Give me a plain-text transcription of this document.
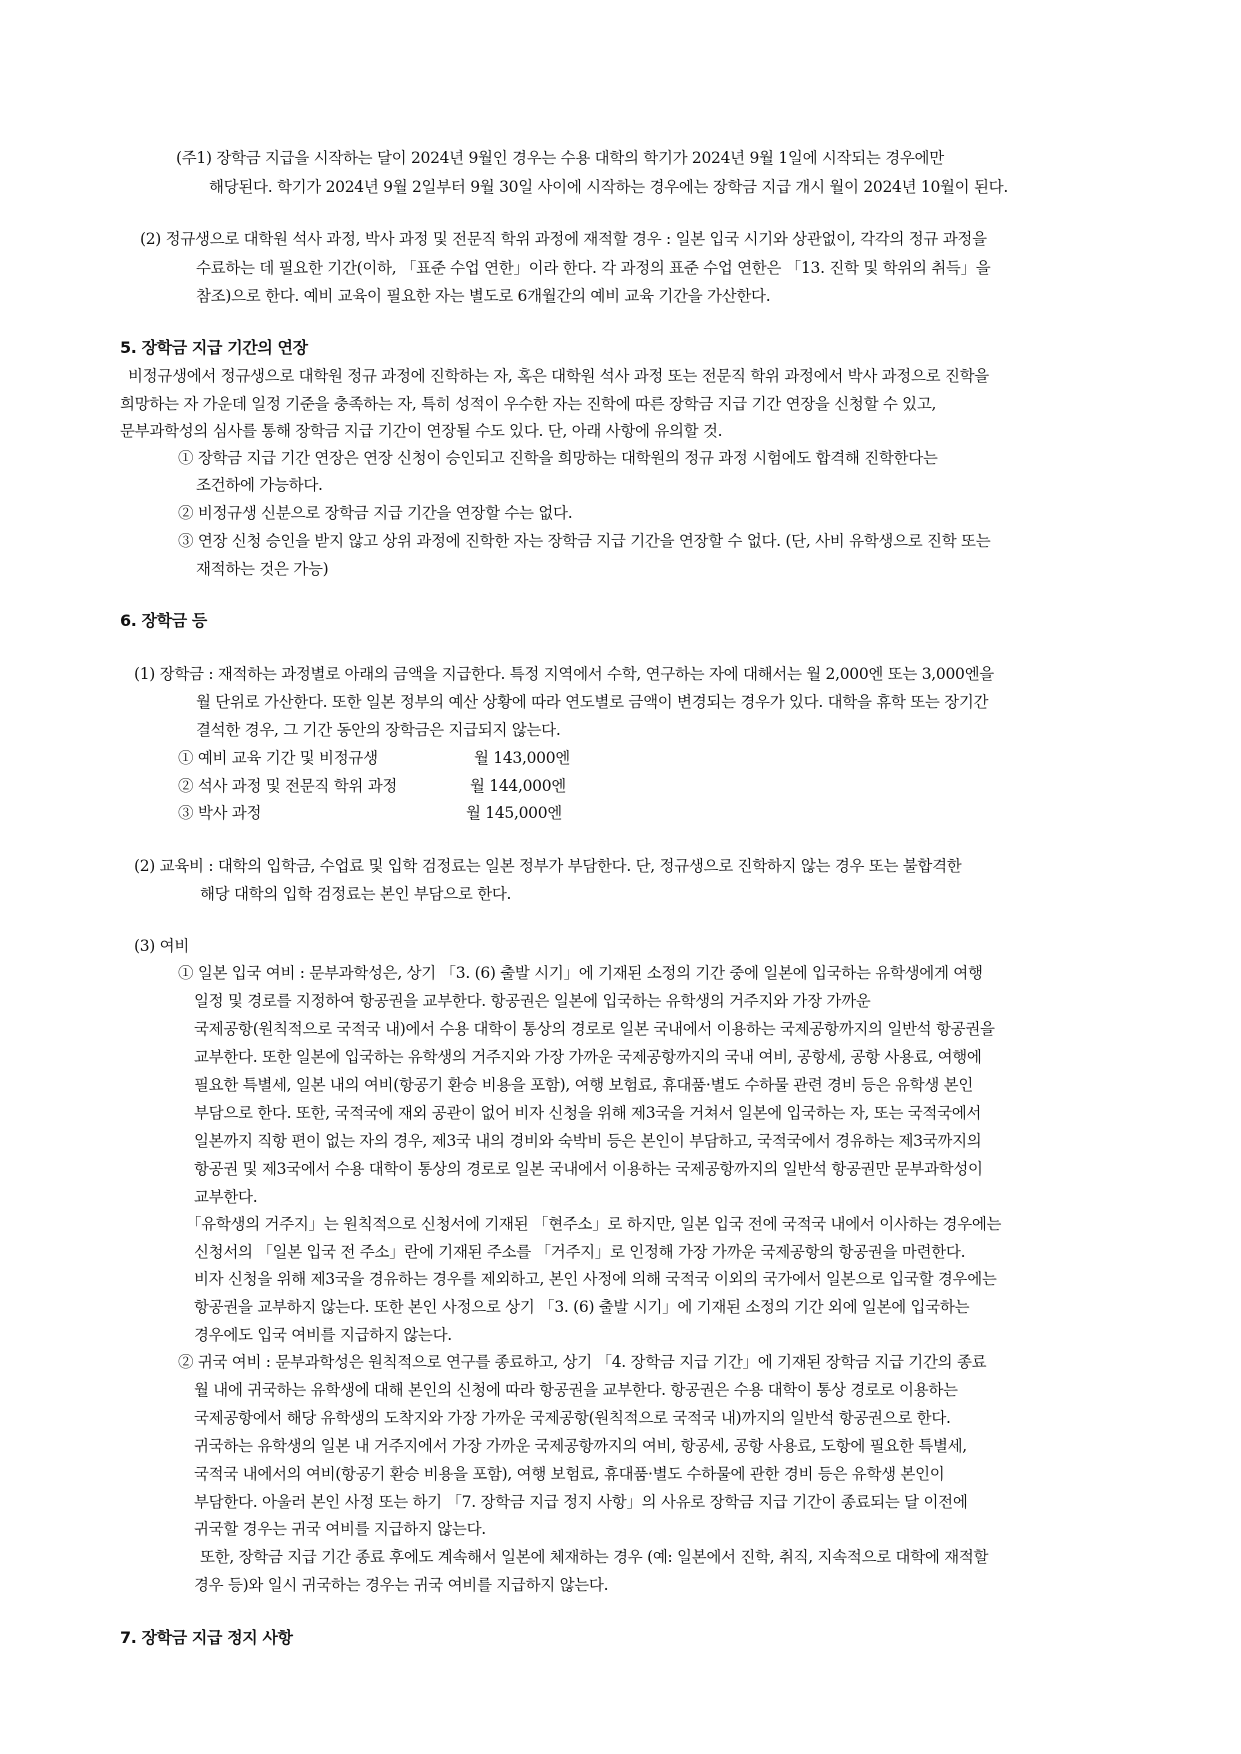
(주1) 장학금 지급을 시작하는 달이 2024년 9월인 경우는 수용 대학의 학기가 2024년 9월 1일에 시작되는 경우에만
해당된다. 학기가 2024년 9월 2일부터 9월 30일 사이에 시작하는 경우에는 장학금 지급 개시 월이 2024년 10월이 된다.
(2) 정규생으로 대학원 석사 과정, 박사 과정 및 전문직 학위 과정에 재적할 경우 : 일본 입국 시기와 상관없이, 각각의 정규 과정을
수료하는 데 필요한 기간(이하, 「표준 수업 연한」이라 한다. 각 과정의 표준 수업 연한은 「13. 진학 및 학위의 취득」을
참조)으로 한다. 예비 교육이 필요한 자는 별도로 6개월간의 예비 교육 기간을 가산한다.
5. 장학금 지급 기간의 연장
비정규생에서 정규생으로 대학원 정규 과정에 진학하는 자, 혹은 대학원 석사 과정 또는 전문직 학위 과정에서 박사 과정으로 진학을
희망하는 자 가운데 일정 기준을 충족하는 자, 특히 성적이 우수한 자는 진학에 따른 장학금 지급 기간 연장을 신청할 수 있고,
문부과학성의 심사를 통해 장학금 지급 기간이 연장될 수도 있다. 단, 아래 사항에 유의할 것.
① 장학금 지급 기간 연장은 연장 신청이 승인되고 진학을 희망하는 대학원의 정규 과정 시험에도 합격해 진학한다는
조건하에 가능하다.
② 비정규생 신분으로 장학금 지급 기간을 연장할 수는 없다.
③ 연장 신청 승인을 받지 않고 상위 과정에 진학한 자는 장학금 지급 기간을 연장할 수 없다. (단, 사비 유학생으로 진학 또는
재적하는 것은 가능)
6. 장학금 등
(1) 장학금 : 재적하는 과정별로 아래의 금액을 지급한다. 특정 지역에서 수학, 연구하는 자에 대해서는 월 2,000엔 또는 3,000엔을
월 단위로 가산한다. 또한 일본 정부의 예산 상황에 따라 연도별로 금액이 변경되는 경우가 있다. 대학을 휴학 또는 장기간
결석한 경우, 그 기간 동안의 장학금은 지급되지 않는다.
① 예비 교육 기간 및 비정규생	월 143,000엔
② 석사 과정 및 전문직 학위 과정	월 144,000엔
③ 박사 과정	월 145,000엔
(2) 교육비 : 대학의 입학금, 수업료 및 입학 검정료는 일본 정부가 부담한다. 단, 정규생으로 진학하지 않는 경우 또는 불합격한
해당 대학의 입학 검정료는 본인 부담으로 한다.
(3) 여비
① 일본 입국 여비 : 문부과학성은, 상기 「3. (6) 출발 시기」에 기재된 소정의 기간 중에 일본에 입국하는 유학생에게 여행
일정 및 경로를 지정하여 항공권을 교부한다. 항공권은 일본에 입국하는 유학생의 거주지와 가장 가까운
국제공항(원칙적으로 국적국 내)에서 수용 대학이 통상의 경로로 일본 국내에서 이용하는 국제공항까지의 일반석 항공권을
교부한다. 또한 일본에 입국하는 유학생의 거주지와 가장 가까운 국제공항까지의 국내 여비, 공항세, 공항 사용료, 여행에
필요한 특별세, 일본 내의 여비(항공기 환승 비용을 포함), 여행 보험료, 휴대품·별도 수하물 관련 경비 등은 유학생 본인
부담으로 한다. 또한, 국적국에 재외 공관이 없어 비자 신청을 위해 제3국을 거쳐서 일본에 입국하는 자, 또는 국적국에서
일본까지 직항 편이 없는 자의 경우, 제3국 내의 경비와 숙박비 등은 본인이 부담하고, 국적국에서 경유하는 제3국까지의
항공권 및 제3국에서 수용 대학이 통상의 경로로 일본 국내에서 이용하는 국제공항까지의 일반석 항공권만 문부과학성이
교부한다.
「유학생의 거주지」는 원칙적으로 신청서에 기재된 「현주소」로 하지만, 일본 입국 전에 국적국 내에서 이사하는 경우에는
신청서의 「일본 입국 전 주소」란에 기재된 주소를 「거주지」로 인정해 가장 가까운 국제공항의 항공권을 마련한다.
비자 신청을 위해 제3국을 경유하는 경우를 제외하고, 본인 사정에 의해 국적국 이외의 국가에서 일본으로 입국할 경우에는
항공권을 교부하지 않는다. 또한 본인 사정으로 상기 「3. (6) 출발 시기」에 기재된 소정의 기간 외에 일본에 입국하는
경우에도 입국 여비를 지급하지 않는다.
② 귀국 여비 : 문부과학성은 원칙적으로 연구를 종료하고, 상기 「4. 장학금 지급 기간」에 기재된 장학금 지급 기간의 종료
월 내에 귀국하는 유학생에 대해 본인의 신청에 따라 항공권을 교부한다. 항공권은 수용 대학이 통상 경로로 이용하는
국제공항에서 해당 유학생의 도착지와 가장 가까운 국제공항(원칙적으로 국적국 내)까지의 일반석 항공권으로 한다.
귀국하는 유학생의 일본 내 거주지에서 가장 가까운 국제공항까지의 여비, 항공세, 공항 사용료, 도항에 필요한 특별세,
국적국 내에서의 여비(항공기 환승 비용을 포함), 여행 보험료, 휴대품·별도 수하물에 관한 경비 등은 유학생 본인이
부담한다. 아울러 본인 사정 또는 하기 「7. 장학금 지급 정지 사항」의 사유로 장학금 지급 기간이 종료되는 달 이전에
귀국할 경우는 귀국 여비를 지급하지 않는다.
또한, 장학금 지급 기간 종료 후에도 계속해서 일본에 체재하는 경우 (예: 일본에서 진학, 취직, 지속적으로 대학에 재적할
경우 등)와 일시 귀국하는 경우는 귀국 여비를 지급하지 않는다.
7. 장학금 지급 정지 사항
